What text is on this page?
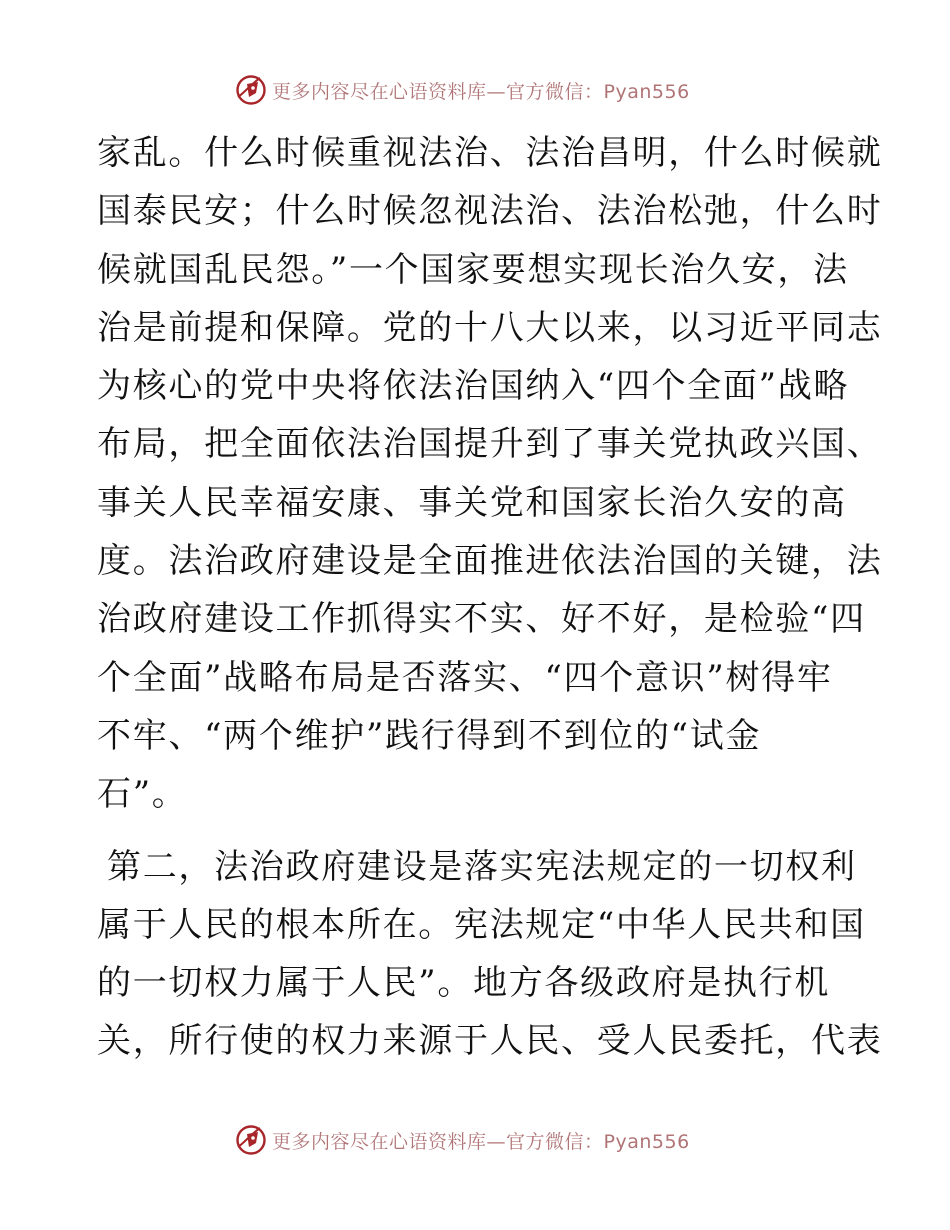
更多内容尽在心语资料库—官方微信：Pyan556
家乱。什么时候重视法治、法治昌明，什么时候就
国泰民安；什么时候忽视法治、法治松弛，什么时
候就国乱民怨。”一个国家要想实现长治久安，法
治是前提和保障。党的十八大以来，以习近平同志
为核心的党中央将依法治国纳入“四个全面”战略
布局，把全面依法治国提升到了事关党执政兴国、
事关人民幸福安康、事关党和国家长治久安的高
度。法治政府建设是全面推进依法治国的关键，法
治政府建设工作抓得实不实、好不好，是检验“四
个全面”战略布局是否落实、“四个意识”树得牢
不牢、“两个维护”践行得到不到位的“试金
石”。
第二，法治政府建设是落实宪法规定的一切权利
属于人民的根本所在。宪法规定“中华人民共和国
的一切权力属于人民”。地方各级政府是执行机
关，所行使的权力来源于人民、受人民委托，代表
更多内容尽在心语资料库—官方微信：Pyan556
